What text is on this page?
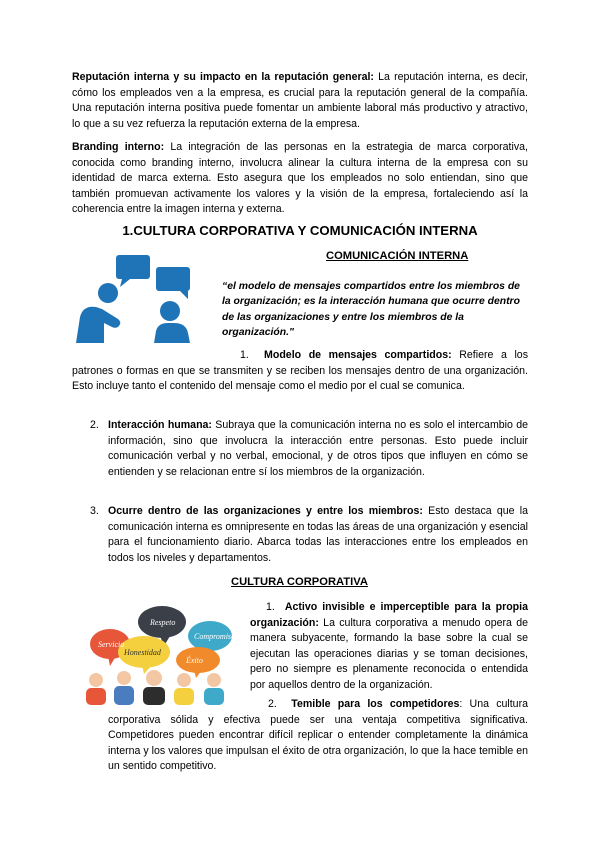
Reputación interna y su impacto en la reputación general: La reputación interna, es decir, cómo los empleados ven a la empresa, es crucial para la reputación general de la compañía. Una reputación interna positiva puede fomentar un ambiente laboral más productivo y atractivo, lo que a su vez refuerza la reputación externa de la empresa.
Branding interno: La integración de las personas en la estrategia de marca corporativa, conocida como branding interno, involucra alinear la cultura interna de la empresa con su identidad de marca externa. Esto asegura que los empleados no solo entiendan, sino que también promuevan activamente los valores y la visión de la empresa, fortaleciendo así la coherencia entre la imagen interna y externa.
1.CULTURA CORPORATIVA Y COMUNICACIÓN INTERNA
COMUNICACIÓN INTERNA
“el modelo de mensajes compartidos entre los miembros de la organización; es la interacción humana que ocurre dentro de las organizaciones y entre los miembros de la organización."
1. Modelo de mensajes compartidos: Refiere a los patrones o formas en que se transmiten y se reciben los mensajes dentro de una organización. Esto incluye tanto el contenido del mensaje como el medio por el cual se comunica.
2. Interacción humana: Subraya que la comunicación interna no es solo el intercambio de información, sino que involucra la interacción entre personas. Esto puede incluir comunicación verbal y no verbal, emocional, y de otros tipos que influyen en cómo se entienden y se relacionan entre sí los miembros de la organización.
3. Ocurre dentro de las organizaciones y entre los miembros: Esto destaca que la comunicación interna es omnipresente en todas las áreas de una organización y esencial para el funcionamiento diario. Abarca todas las interacciones entre los empleados en todos los niveles y departamentos.
CULTURA CORPORATIVA
Servicio
Respeto
Honestidad
Compromiso
Éxito
1. Activo invisible e imperceptible para la propia organización: La cultura corporativa a menudo opera de manera subyacente, formando la base sobre la cual se ejecutan las operaciones diarias y se toman decisiones, pero no siempre es plenamente reconocida o entendida por aquellos dentro de la organización.
2. Temible para los competidores: Una cultura corporativa sólida y efectiva puede ser una ventaja competitiva significativa. Competidores pueden encontrar difícil replicar o entender completamente la dinámica interna y los valores que impulsan el éxito de otra organización, lo que la hace temible en un sentido competitivo.
